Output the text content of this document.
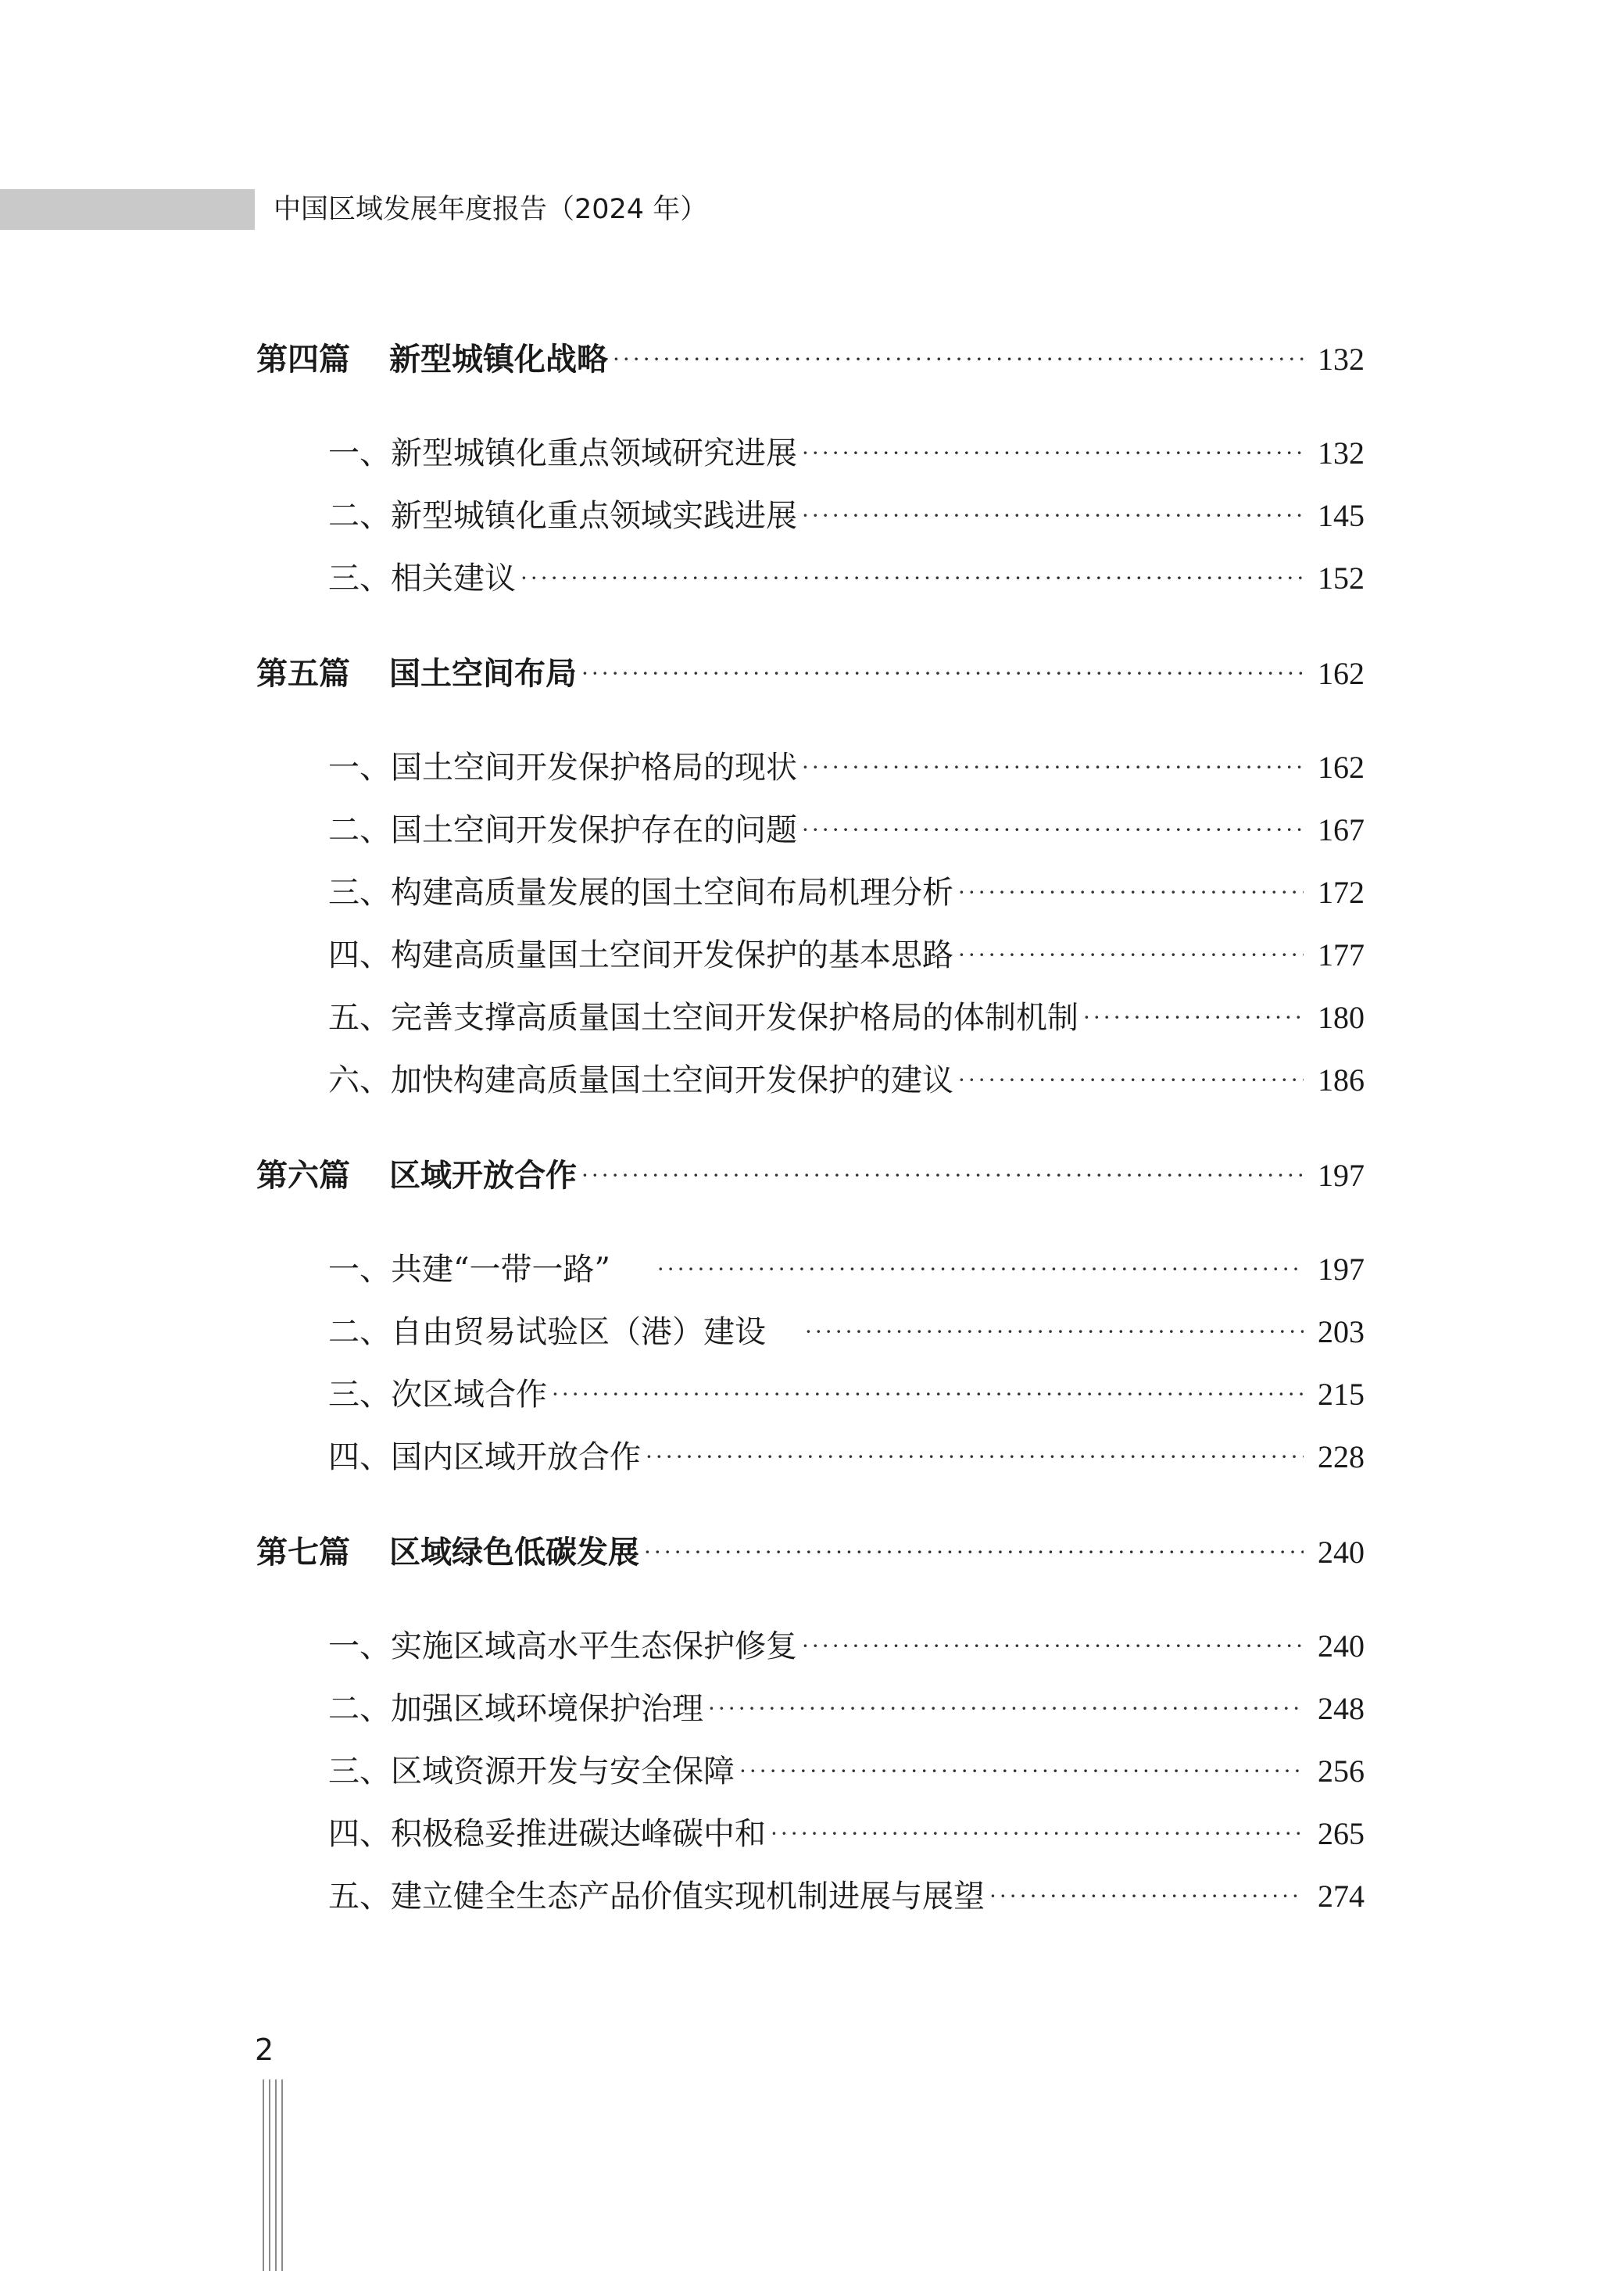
中国区域发展年度报告（2024 年）
第四篇 新型城镇化战略 ·····	132
一、新型城镇化重点领域研究进展 ·····	132
二、新型城镇化重点领域实践进展 ·····	145
三、相关建议 ·····	152
第五篇 国土空间布局 ·····	162
一、国土空间开发保护格局的现状 ·····	162
二、国土空间开发保护存在的问题 ·····	167
三、构建高质量发展的国土空间布局机理分析 ·····	172
四、构建高质量国土空间开发保护的基本思路 ·····	177
五、完善支撑高质量国土空间开发保护格局的体制机制 ·····	180
六、加快构建高质量国土空间开发保护的建议 ·····	186
第六篇 区域开放合作 ·····	197
一、共建“一带一路” ·····	197
二、自由贸易试验区（港）建设 ·····	203
三、次区域合作 ·····	215
四、国内区域开放合作 ·····	228
第七篇 区域绿色低碳发展 ·····	240
一、实施区域高水平生态保护修复 ·····	240
二、加强区域环境保护治理 ·····	248
三、区域资源开发与安全保障 ·····	256
四、积极稳妥推进碳达峰碳中和 ·····	265
五、建立健全生态产品价值实现机制进展与展望 ·····	274
2
